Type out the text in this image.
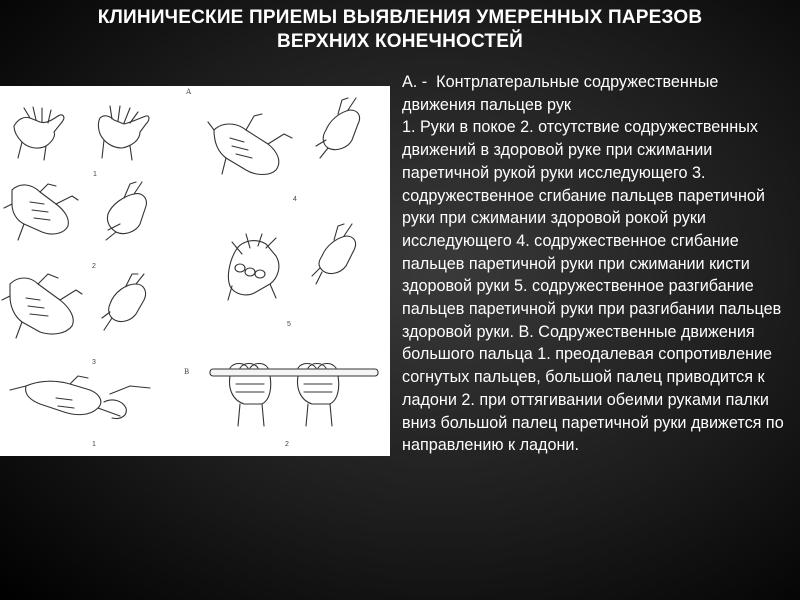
КЛИНИЧЕСКИЕ ПРИЕМЫ ВЫЯВЛЕНИЯ УМЕРЕННЫХ ПАРЕЗОВ
ВЕРХНИХ КОНЕЧНОСТЕЙ
А
В
1
2
3
4
5
1	2

А. -  Контрлатеральные содружественные движения пальцев рук
1. Руки в покое 2. отсутствие содружественных движений в здоровой руке при сжимании паретичной рукой руки исследующего 3. содружественное сгибание пальцев паретичной руки при сжимании здоровой рокой руки исследующего 4. содружественное сгибание пальцев паретичной руки при сжимании кисти здоровой руки 5. содружественное разгибание пальцев паретичной руки при разгибании пальцев здоровой руки. В. Содружественные движения большого пальца 1. преодалевая сопротивление согнутых пальцев, большой палец приводится к ладони 2. при оттягивании обеими руками палки вниз большой палец паретичной руки движется по направлению к ладони.
